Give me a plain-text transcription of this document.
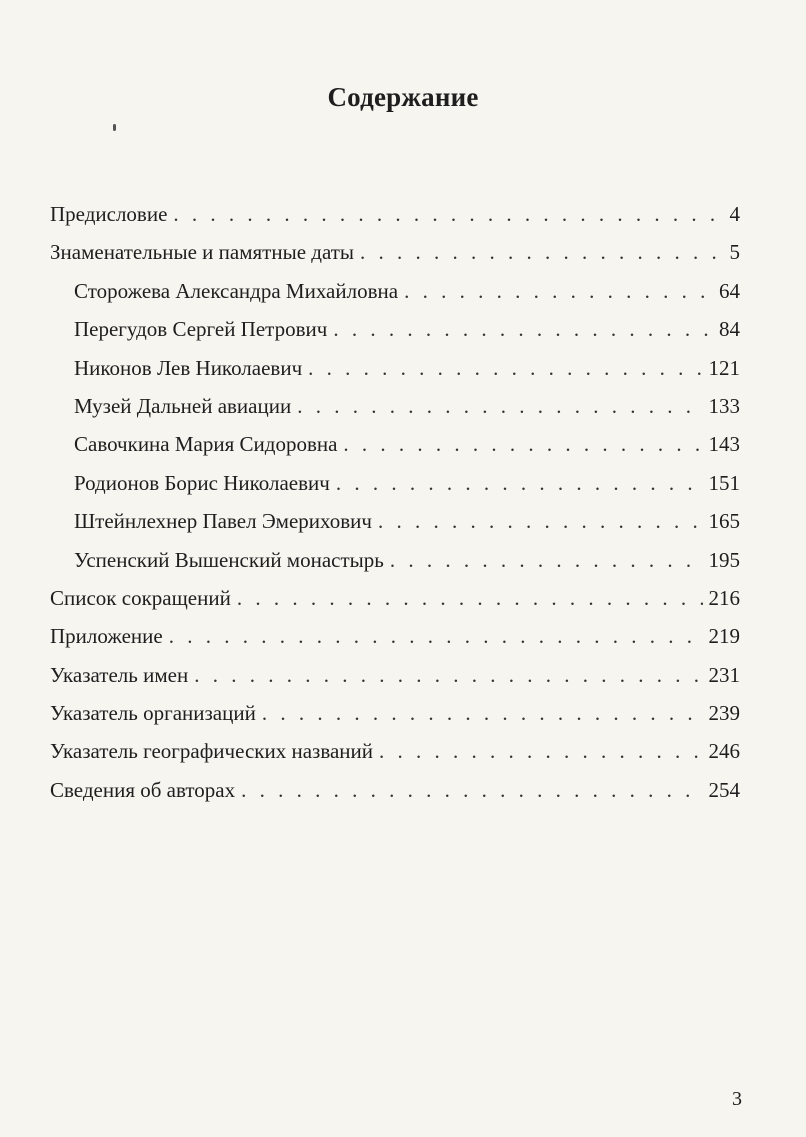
Содержание
Предисловие . . .	4
Знаменательные и памятные даты . . .	5
Сторожева Александра Михайловна . . .	64
Перегудов Сергей Петрович . . .	84
Никонов Лев Николаевич . . .	121
Музей Дальней авиации . . .	133
Савочкина Мария Сидоровна . . .	143
Родионов Борис Николаевич . . .	151
Штейнлехнер Павел Эмерихович . . .	165
Успенский Вышенский монастырь . . .	195
Список сокращений . . .	216
Приложение . . .	219
Указатель имен . . .	231
Указатель организаций . . .	239
Указатель географических названий . . .	246
Сведения об авторах . . .	254
3
